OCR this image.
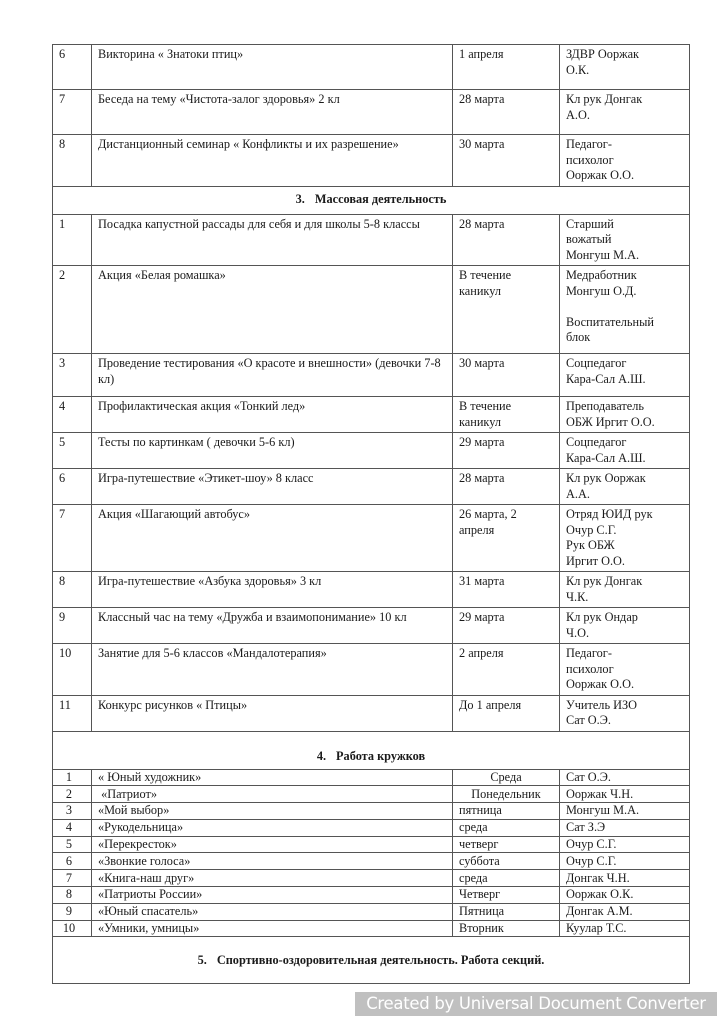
6	Викторина « Знатоки птиц»	1 апреля	ЗДВР Ооржак
О.К.

7	Беседа на тему «Чистота-залог здоровья» 2 кл	28 марта	Кл рук Донгак
А.О.

8	Дистанционный семинар « Конфликты и их разрешение»	30 марта	Педагог-
психолог
Ооржак О.О.

3. Массовая деятельность			
1	Посадка капустной рассады для себя и для школы 5-8 классы	28 марта	Старший
вожатый
Монгуш М.А.

2	Акция «Белая ромашка»	В течение каникул	Медработник
Монгуш О.Д.

Воспитательный
блок

3	Проведение тестирования «О красоте и внешности» (девочки 7-8 кл)	30 марта	Соцпедагог
Кара-Сал А.Ш.

4	Профилактическая акция «Тонкий лед»	В течение каникул	Преподаватель
ОБЖ Иргит О.О.

5	Тесты по картинкам ( девочки 5-6 кл)	29 марта	Соцпедагог
Кара-Сал А.Ш.

6	Игра-путешествие «Этикет-шоу» 8 класс	28 марта	Кл рук Ооржак
А.А.

7	Акция «Шагающий автобус»	26 марта, 2 апреля	Отряд ЮИД рук
Очур С.Г.
Рук ОБЖ
Иргит О.О.

8	Игра-путешествие «Азбука здоровья» 3 кл	31 марта	Кл рук Донгак
Ч.К.

9	Классный час на тему «Дружба и взаимопонимание» 10 кл	29 марта	Кл рук Ондар
Ч.О.

10	Занятие для 5-6 классов «Мандалотерапия»	2 апреля	Педагог-
психолог
Ооржак О.О.

11	Конкурс рисунков « Птицы»	До 1 апреля	Учитель ИЗО
Сат О.Э.

4. Работа кружков			
1	« Юный художник»	Среда	Сат О.Э.
2	«Патриот»	Понедельник	Ооржак Ч.Н.
3	«Мой выбор»	пятница	Монгуш М.А.
4	«Рукодельница»	среда	Сат З.Э
5	«Перекресток»	четверг	Очур С.Г.
6	«Звонкие голоса»	суббота	Очур С.Г.
7	«Книга-наш друг»	среда	Донгак Ч.Н.
8	«Патриоты России»	Четверг	Ооржак О.К.
9	«Юный спасатель»	Пятница	Донгак А.М.
10	«Умники, умницы»	Вторник	Куулар Т.С.
5. Спортивно-оздоровительная деятельность. Работа секций.			
Created by Universal Document Converter
